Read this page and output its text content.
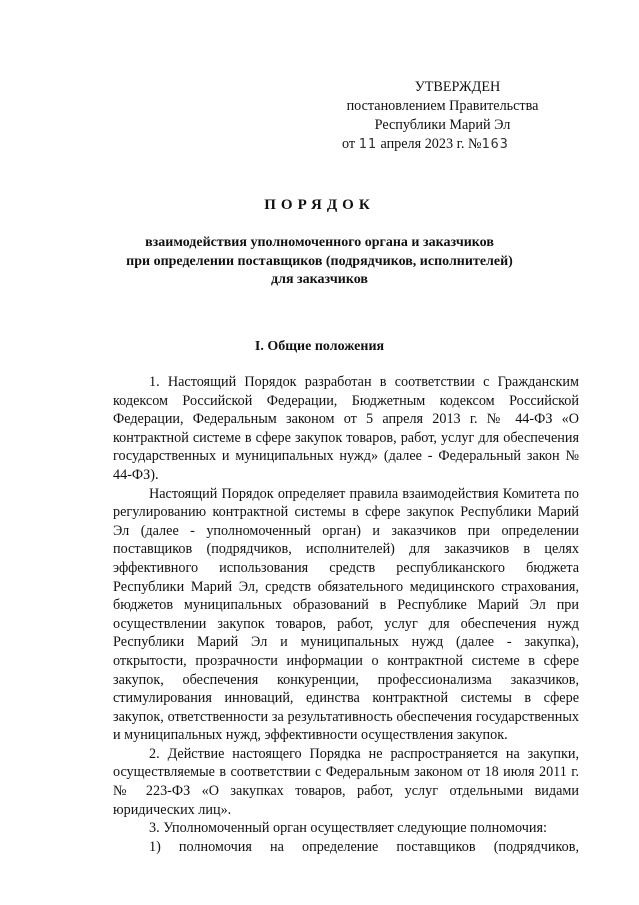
УТВЕРЖДЕН
постановлением Правительства
Республики Марий Эл
от 11 апреля 2023 г. №163
ПОРЯДОК
взаимодействия уполномоченного органа и заказчиков
при определении поставщиков (подрядчиков, исполнителей)
для заказчиков
I. Общие положения

1. Настоящий Порядок разработан в соответствии с Гражданским кодексом Российской Федерации, Бюджетным кодексом Российской Федерации, Федеральным законом от 5 апреля 2013 г. № 44-ФЗ «О контрактной системе в сфере закупок товаров, работ, услуг для обеспечения государственных и муниципальных нужд» (далее - Федеральный закон № 44-ФЗ).

Настоящий Порядок определяет правила взаимодействия Комитета по регулированию контрактной системы в сфере закупок Республики Марий Эл (далее - уполномоченный орган) и заказчиков при определении поставщиков (подрядчиков, исполнителей) для заказчиков в целях эффективного использования средств республиканского бюджета Республики Марий Эл, средств обязательного медицинского страхования, бюджетов муниципальных образований в Республике Марий Эл при осуществлении закупок товаров, работ, услуг для обеспечения нужд Республики Марий Эл и муниципальных нужд (далее - закупка), открытости, прозрачности информации о контрактной системе в сфере закупок, обеспечения конкуренции, профессионализма заказчиков, стимулирования инноваций, единства контрактной системы в сфере закупок, ответственности за результативность обеспечения государственных и муниципальных нужд, эффективности осуществления закупок.

2. Действие настоящего Порядка не распространяется на закупки, осуществляемые в соответствии с Федеральным законом от 18 июля 2011 г. № 223-ФЗ «О закупках товаров, работ, услуг отдельными видами юридических лиц».

3. Уполномоченный орган осуществляет следующие полномочия:

1) полномочия на определение поставщиков (подрядчиков,
